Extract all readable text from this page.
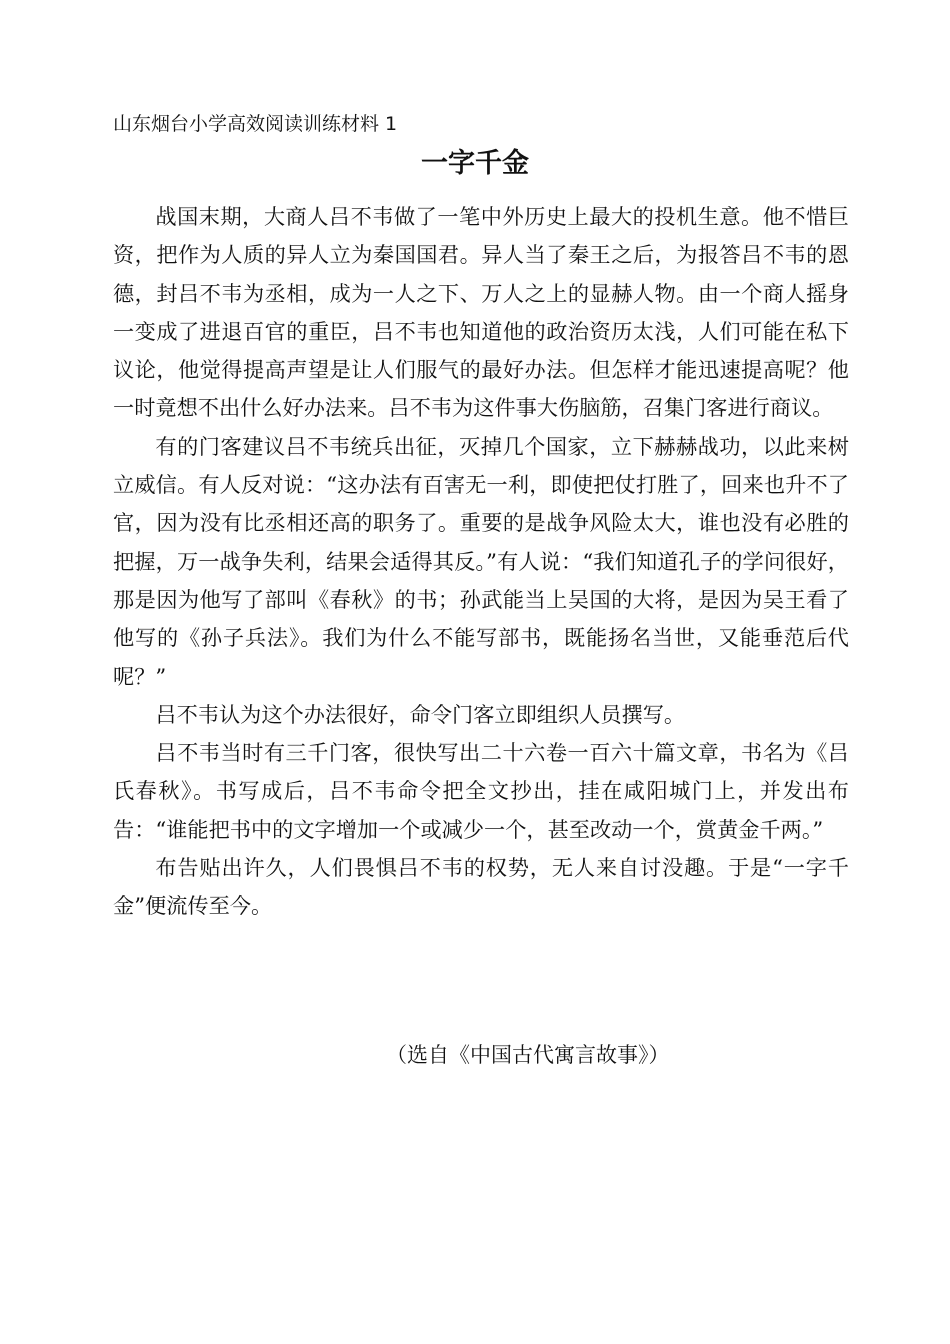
山东烟台小学高效阅读训练材料 1
一字千金

战国末期，大商人吕不韦做了一笔中外历史上最大的投机生意。他不惜巨资，把作为人质的异人立为秦国国君。异人当了秦王之后，为报答吕不韦的恩德，封吕不韦为丞相，成为一人之下、万人之上的显赫人物。由一个商人摇身一变成了进退百官的重臣，吕不韦也知道他的政治资历太浅，人们可能在私下议论，他觉得提高声望是让人们服气的最好办法。但怎样才能迅速提高呢？他一时竟想不出什么好办法来。吕不韦为这件事大伤脑筋，召集门客进行商议。

有的门客建议吕不韦统兵出征，灭掉几个国家，立下赫赫战功，以此来树立威信。有人反对说：“这办法有百害无一利，即使把仗打胜了，回来也升不了官，因为没有比丞相还高的职务了。重要的是战争风险太大，谁也没有必胜的把握，万一战争失利，结果会适得其反。”有人说：“我们知道孔子的学问很好，那是因为他写了部叫《春秋》的书；孙武能当上吴国的大将，是因为吴王看了他写的《孙子兵法》。我们为什么不能写部书，既能扬名当世，又能垂范后代呢？”

吕不韦认为这个办法很好，命令门客立即组织人员撰写。

吕不韦当时有三千门客，很快写出二十六卷一百六十篇文章，书名为《吕氏春秋》。书写成后，吕不韦命令把全文抄出，挂在咸阳城门上，并发出布告：“谁能把书中的文字增加一个或减少一个，甚至改动一个，赏黄金千两。”

布告贴出许久，人们畏惧吕不韦的权势，无人来自讨没趣。于是“一字千金”便流传至今。

（选自《中国古代寓言故事》）
